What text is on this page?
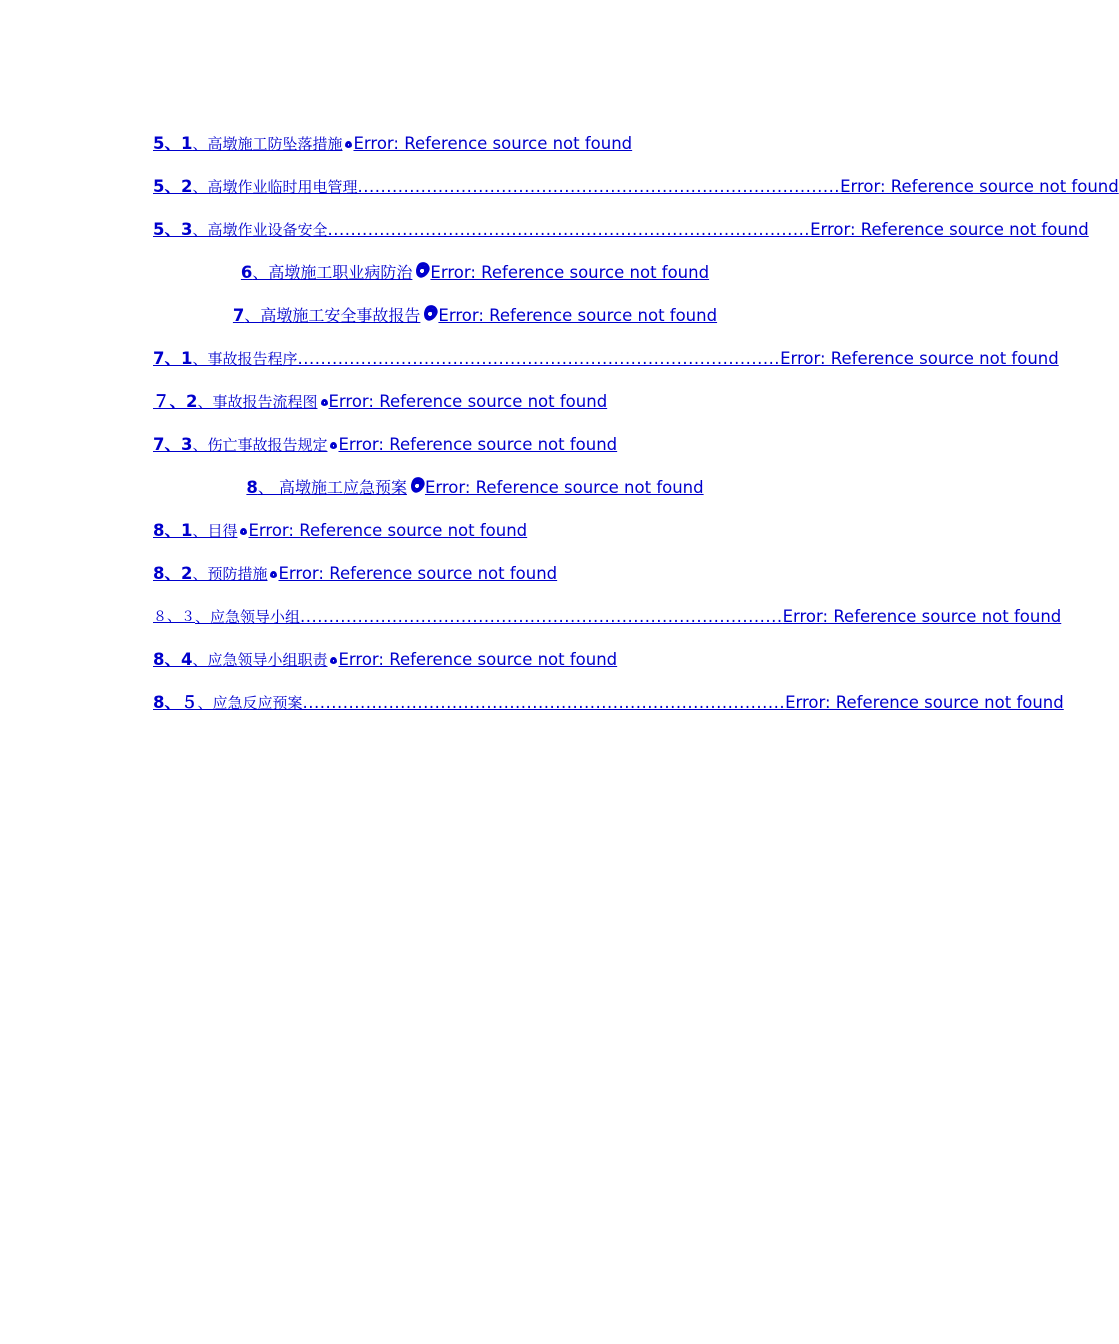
5、1、高墩施工防坠落措施 Error: Reference source not found
5、2 、高墩作业临时用电管理 .................................................................................... Error: Reference source not found
5、3 、高墩作业设备安全 .................................................................................... Error: Reference source not found
6、高墩施工职业病防治 Error: Reference source not found
7、高墩施工安全事故报告 Error: Reference source not found
7、1 、事故报告程序 .................................................................................... Error: Reference source not found
７、2、事故报告流程图 Error: Reference source not found
7、3、伤亡事故报告规定 Error: Reference source not found
8、 高墩施工应急预案 Error: Reference source not found
8、1、目得 Error: Reference source not found
8、2、预防措施 Error: Reference source not found
８、３ 、应急领导小组 .................................................................................... Error: Reference source not found
8、4、应急领导小组职责 Error: Reference source not found
8、５ 、应急反应预案 .................................................................................... Error: Reference source not found
